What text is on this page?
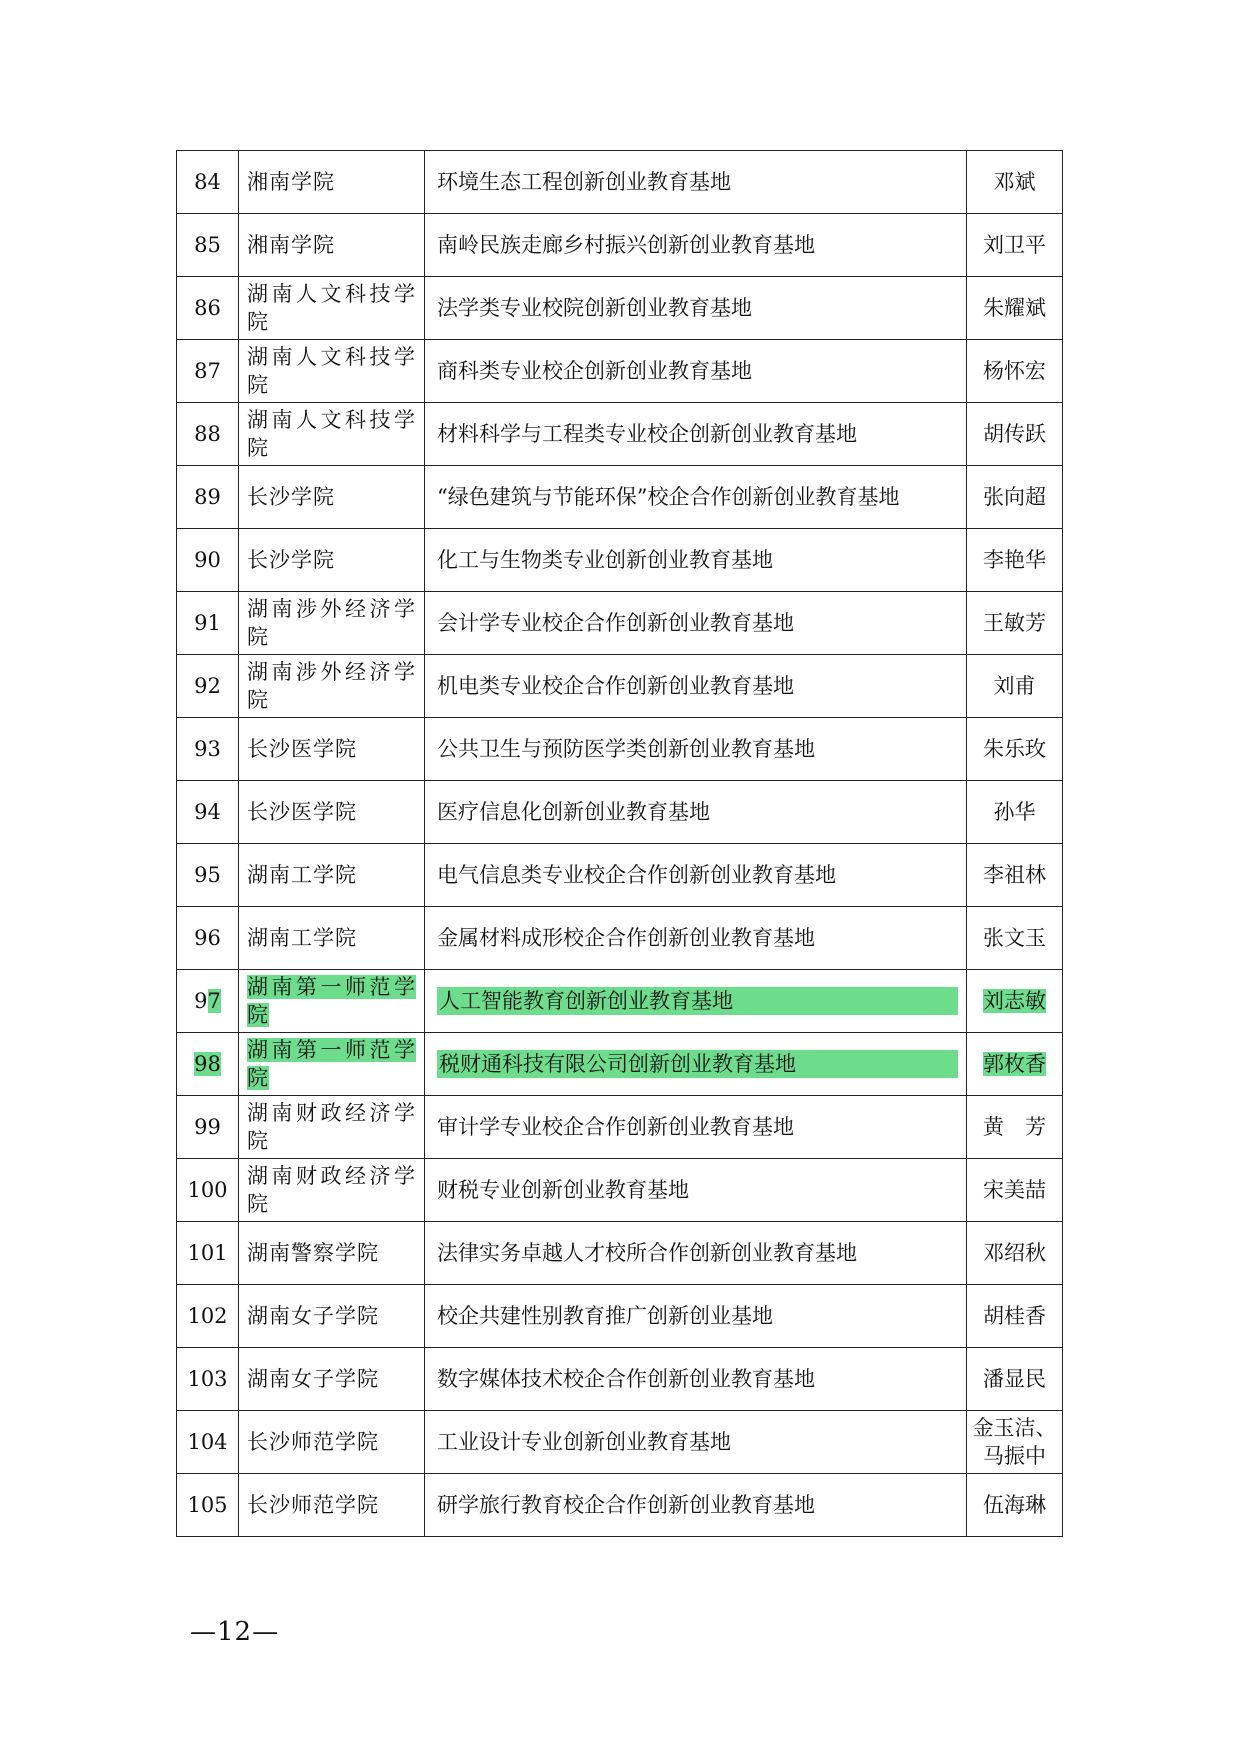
84	湘南学院	环境生态工程创新创业教育基地	邓斌
85	湘南学院	南岭民族走廊乡村振兴创新创业教育基地	刘卫平
86	湖南人文科技学院	法学类专业校院创新创业教育基地	朱耀斌
87	湖南人文科技学院	商科类专业校企创新创业教育基地	杨怀宏
88	湖南人文科技学院	材料科学与工程类专业校企创新创业教育基地	胡传跃
89	长沙学院	“绿色建筑与节能环保”校企合作创新创业教育基地	张向超
90	长沙学院	化工与生物类专业创新创业教育基地	李艳华
91	湖南涉外经济学院	会计学专业校企合作创新创业教育基地	王敏芳
92	湖南涉外经济学院	机电类专业校企合作创新创业教育基地	刘甫
93	长沙医学院	公共卫生与预防医学类创新创业教育基地	朱乐玫
94	长沙医学院	医疗信息化创新创业教育基地	孙华
95	湖南工学院	电气信息类专业校企合作创新创业教育基地	李祖林
96	湖南工学院	金属材料成形校企合作创新创业教育基地	张文玉
97	湖南第一师范学院	人工智能教育创新创业教育基地	刘志敏
98	湖南第一师范学院	税财通科技有限公司创新创业教育基地	郭枚香
99	湖南财政经济学院	审计学专业校企合作创新创业教育基地	黄　芳
100	湖南财政经济学院	财税专业创新创业教育基地	宋美喆
101	湖南警察学院	法律实务卓越人才校所合作创新创业教育基地	邓绍秋
102	湖南女子学院	校企共建性别教育推广创新创业基地	胡桂香
103	湖南女子学院	数字媒体技术校企合作创新创业教育基地	潘显民
104	长沙师范学院	工业设计专业创新创业教育基地	金玉洁、马振中
105	长沙师范学院	研学旅行教育校企合作创新创业教育基地	伍海琳
—12—
